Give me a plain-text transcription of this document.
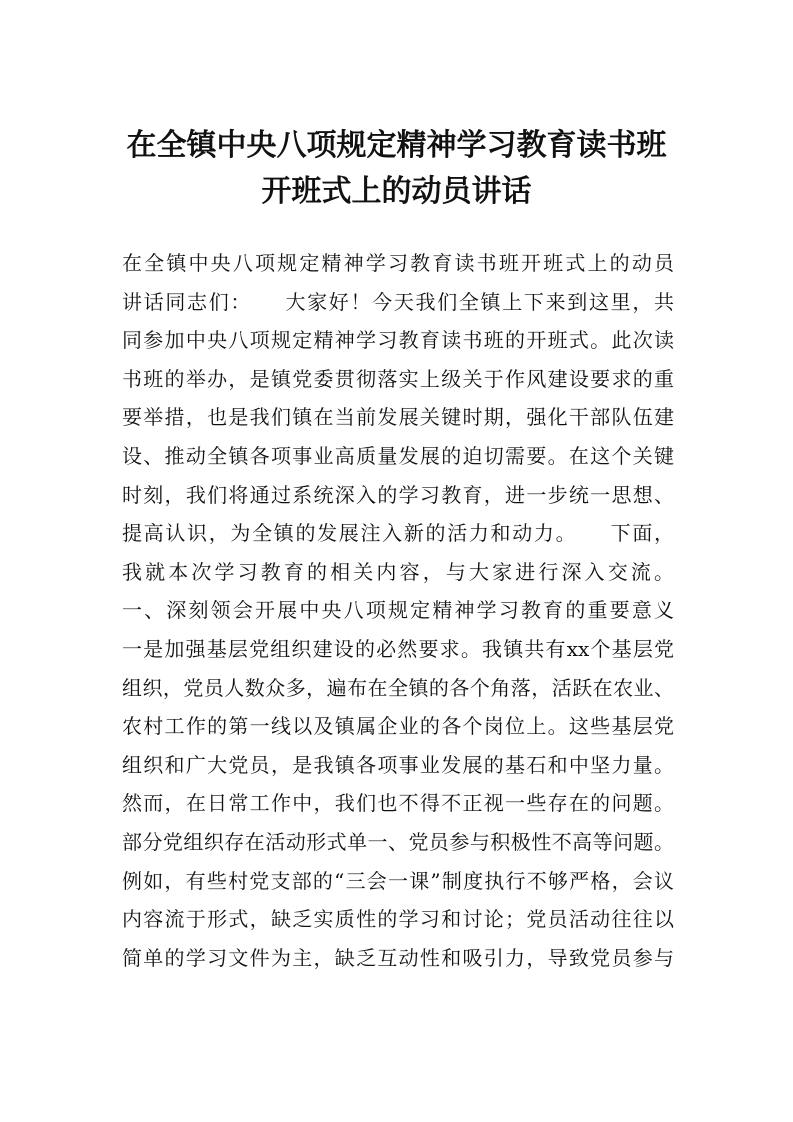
在全镇中央八项规定精神学习教育读书班
开班式上的动员讲话
在全镇中央八项规定精神学习教育读书班开班式上的动员
讲话同志们：　　大家好！今天我们全镇上下来到这里，共
同参加中央八项规定精神学习教育读书班的开班式。此次读
书班的举办，是镇党委贯彻落实上级关于作风建设要求的重
要举措，也是我们镇在当前发展关键时期，强化干部队伍建
设、推动全镇各项事业高质量发展的迫切需要。在这个关键
时刻，我们将通过系统深入的学习教育，进一步统一思想、
提高认识，为全镇的发展注入新的活力和动力。　　下面，
我就本次学习教育的相关内容，与大家进行深入交流。
一、深刻领会开展中央八项规定精神学习教育的重要意义
一是加强基层党组织建设的必然要求。我镇共有xx个基层党
组织，党员人数众多，遍布在全镇的各个角落，活跃在农业、
农村工作的第一线以及镇属企业的各个岗位上。这些基层党
组织和广大党员，是我镇各项事业发展的基石和中坚力量。
然而，在日常工作中，我们也不得不正视一些存在的问题。
部分党组织存在活动形式单一、党员参与积极性不高等问题。
例如，有些村党支部的“三会一课”制度执行不够严格，会议
内容流于形式，缺乏实质性的学习和讨论；党员活动往往以
简单的学习文件为主，缺乏互动性和吸引力，导致党员参与
